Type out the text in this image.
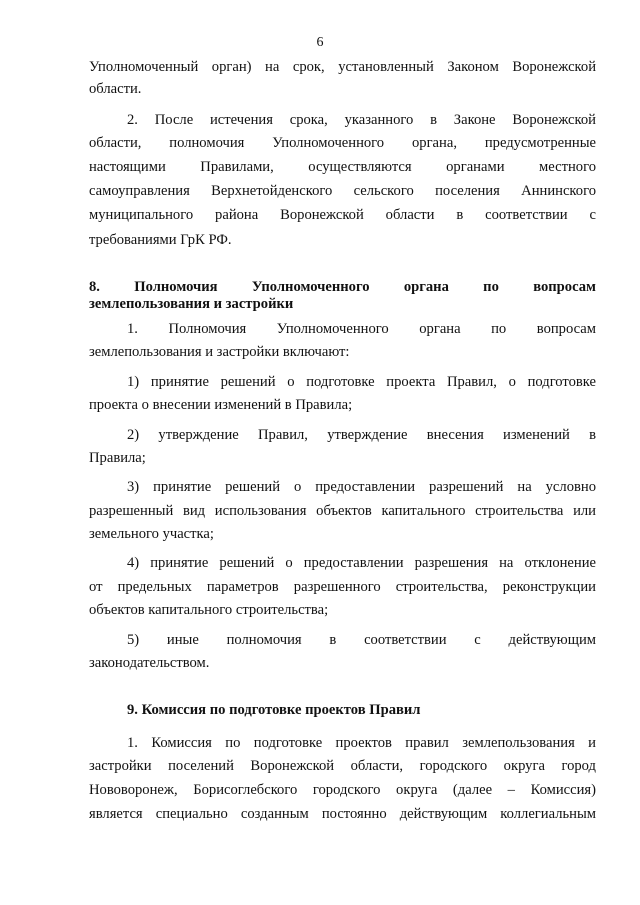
6
Уполномоченный орган) на срок, установленный Законом Воронежской
области.
2. После истечения срока, указанного в Законе Воронежской
области, полномочия Уполномоченного органа, предусмотренные
настоящими Правилами, осуществляются органами местного
самоуправления Верхнетойденского сельского поселения Аннинского
муниципального района Воронежской области в соответствии с
требованиями ГрК РФ.
8. Полномочия Уполномоченного органа по вопросам
землепользования и застройки
1. Полномочия Уполномоченного органа по вопросам
землепользования и застройки включают:
1) принятие решений о подготовке проекта Правил, о подготовке
проекта о внесении изменений в Правила;
2) утверждение Правил, утверждение внесения изменений в
Правила;
3) принятие решений о предоставлении разрешений на условно
разрешенный вид использования объектов капитального строительства или
земельного участка;
4) принятие решений о предоставлении разрешения на отклонение
от предельных параметров разрешенного строительства, реконструкции
объектов капитального строительства;
5) иные полномочия в соответствии с действующим
законодательством.
9. Комиссия по подготовке проектов Правил
1. Комиссия по подготовке проектов правил землепользования и
застройки поселений Воронежской области, городского округа город
Нововоронеж, Борисоглебского городского округа (далее – Комиссия)
является специально созданным постоянно действующим коллегиальным
